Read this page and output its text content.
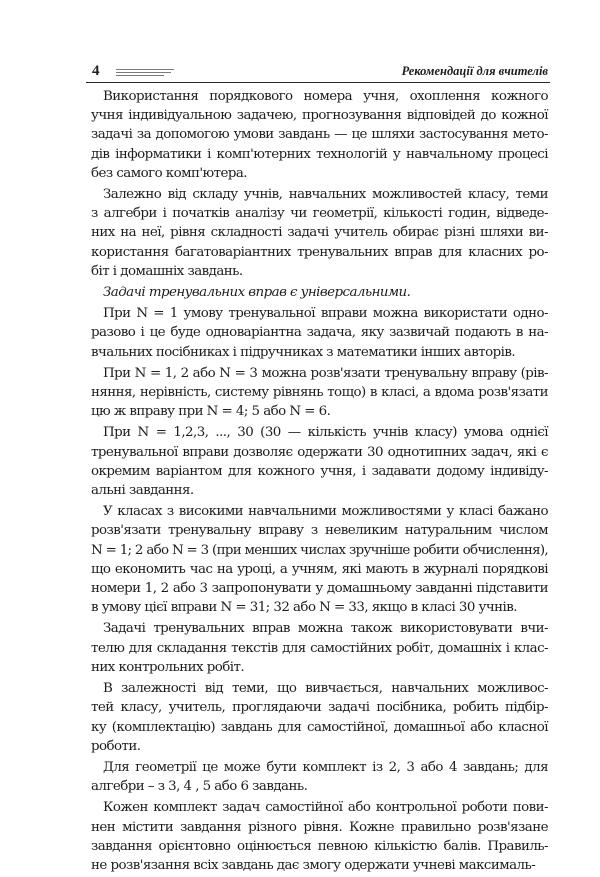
4	Рекомендації для вчителів

Використання порядкового номера учня, охоплення кожного
учня індивідуальною задачею, прогнозування відповідей до кожної
задачі за допомогою умови завдань — це шляхи застосування мето-
дів інформатики і комп'ютерних технологій у навчальному процесі
без самого комп'ютера.

Залежно від складу учнів, навчальних можливостей класу, теми
з алгебри і початків аналізу чи геометрії, кількості годин, відведе-
них на неї, рівня складності задачі учитель обирає різні шляхи ви-
користання багатоваріантних тренувальних вправ для класних ро-
біт і домашніх завдань.

Задачі тренувальних вправ є універсальними.

При N = 1 умову тренувальної вправи можна використати одно-
разово і це буде одноваріантна задача, яку зазвичай подають в на-
вчальних посібниках і підручниках з математики інших авторів.

При N = 1, 2 або N = 3 можна розв'язати тренувальну вправу (рів-
няння, нерівність, систему рівнянь тощо) в класі, а вдома розв'язати
цю ж вправу при N = 4; 5 або N = 6.

При N = 1,2,3, ..., 30 (30 — кількість учнів класу) умова однієї
тренувальної вправи дозволяє одержати 30 однотипних задач, які є
окремим варіантом для кожного учня, і задавати додому індивіду-
альні завдання.

У класах з високими навчальними можливостями у класі бажано
розв'язати тренувальну вправу з невеликим натуральним числом
N = 1; 2 або N = 3 (при менших числах зручніше робити обчислення),
що економить час на уроці, а учням, які мають в журналі порядкові
номери 1, 2 або 3 запропонувати у домашньому завданні підставити
в умову цієї вправи N = 31; 32 або N = 33, якщо в класі 30 учнів.

Задачі тренувальних вправ можна також використовувати вчи-
телю для складання текстів для самостійних робіт, домашніх і клас-
них контрольних робіт.

В залежності від теми, що вивчається, навчальних можливос-
тей класу, учитель, проглядаючи задачі посібника, робить підбір-
ку (комплектацію) завдань для самостійної, домашньої або класної
роботи.

Для геометрії це може бути комплект із 2, 3 або 4 завдань; для
алгебри – з 3, 4 , 5 або 6 завдань.

Кожен комплект задач самостійної або контрольної роботи пови-
нен містити завдання різного рівня. Кожне правильно розв'язане
завдання орієнтовно оцінюється певною кількістю балів. Правиль-
не розв'язання всіх завдань дає змогу одержати учневі максималь-
